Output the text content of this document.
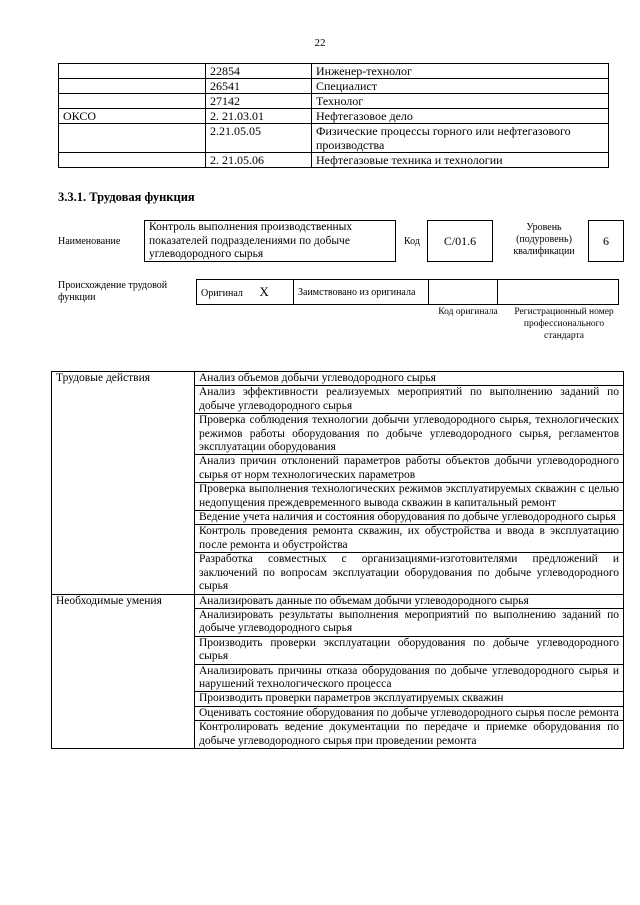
22
	22854	Инженер-технолог
	26541	Специалист
	27142	Технолог
ОКСО	2. 21.03.01	Нефтегазовое дело
	2.21.05.05	Физические процессы горного или нефтегазового производства
	2. 21.05.06	Нефтегазовые техника и технологии
3.3.1. Трудовая функция
Наименование
Контроль выполнения производственных показателей подразделениями по добыче углеводородного сырья
Код	С/01.6
Уровень (подуровень) квалификации
6
Происхождение трудовой функции	Оригинал X	Заимствовано из оригинала		
Код оригинала	Регистрационный номер профессионального стандарта
Трудовые действия	Анализ объемов добычи углеводородного сырья
	Анализ эффективности реализуемых мероприятий по выполнению заданий по добыче углеводородного сырья
	Проверка соблюдения технологии добычи углеводородного сырья, технологических режимов работы оборудования по добыче углеводородного сырья, регламентов эксплуатации оборудования
	Анализ причин отклонений параметров работы объектов добычи углеводородного сырья от норм технологических параметров
	Проверка выполнения технологических режимов эксплуатируемых скважин с целью недопущения преждевременного вывода скважин в капитальный ремонт
	Ведение учета наличия и состояния оборудования по добыче углеводородного сырья
	Контроль проведения ремонта скважин, их обустройства и ввода в эксплуатацию после ремонта и обустройства
	Разработка совместных с организациями-изготовителями предложений и заключений по вопросам эксплуатации оборудования по добыче углеводородного сырья
Необходимые умения	Анализировать данные по объемам добычи углеводородного сырья
	Анализировать результаты выполнения мероприятий по выполнению заданий по добыче углеводородного сырья
	Производить проверки эксплуатации оборудования по добыче углеводородного сырья
	Анализировать причины отказа оборудования по добыче углеводородного сырья и нарушений технологического процесса
	Производить проверки параметров эксплуатируемых скважин
	Оценивать состояние оборудования по добыче углеводородного сырья после ремонта
	Контролировать ведение документации по передаче и приемке оборудования по добыче углеводородного сырья при проведении ремонта
